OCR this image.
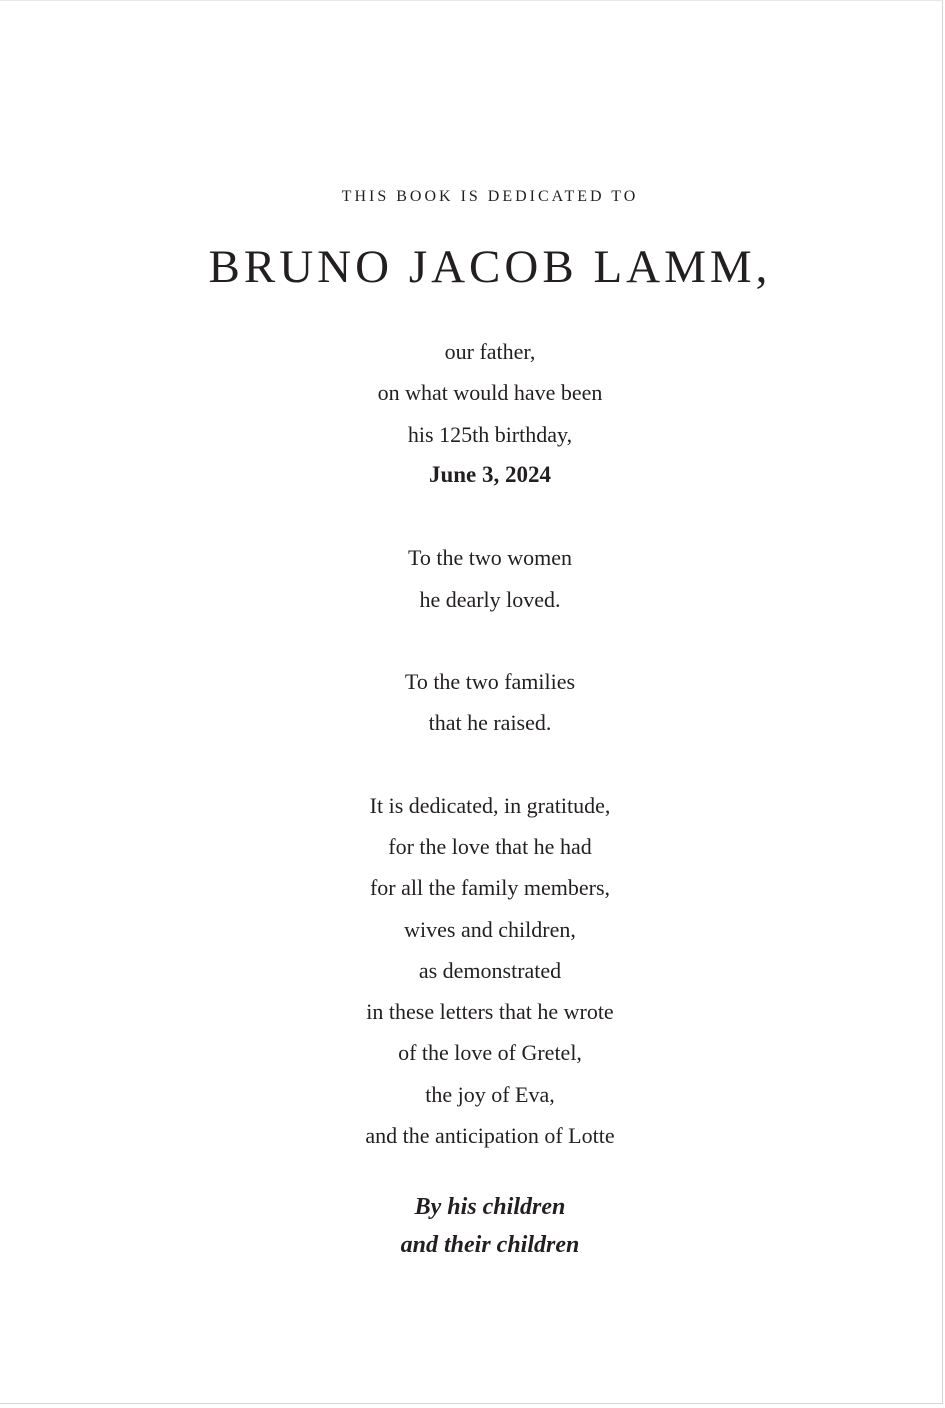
THIS BOOK IS DEDICATED TO
BRUNO JACOB LAMM,
our father,
on what would have been
his 125th birthday,
June 3, 2024
To the two women
he dearly loved.
To the two families
that he raised.
It is dedicated, in gratitude,
for the love that he had
for all the family members,
wives and children,
as demonstrated
in these letters that he wrote
of the love of Gretel,
the joy of Eva,
and the anticipation of Lotte
By his children
and their children
